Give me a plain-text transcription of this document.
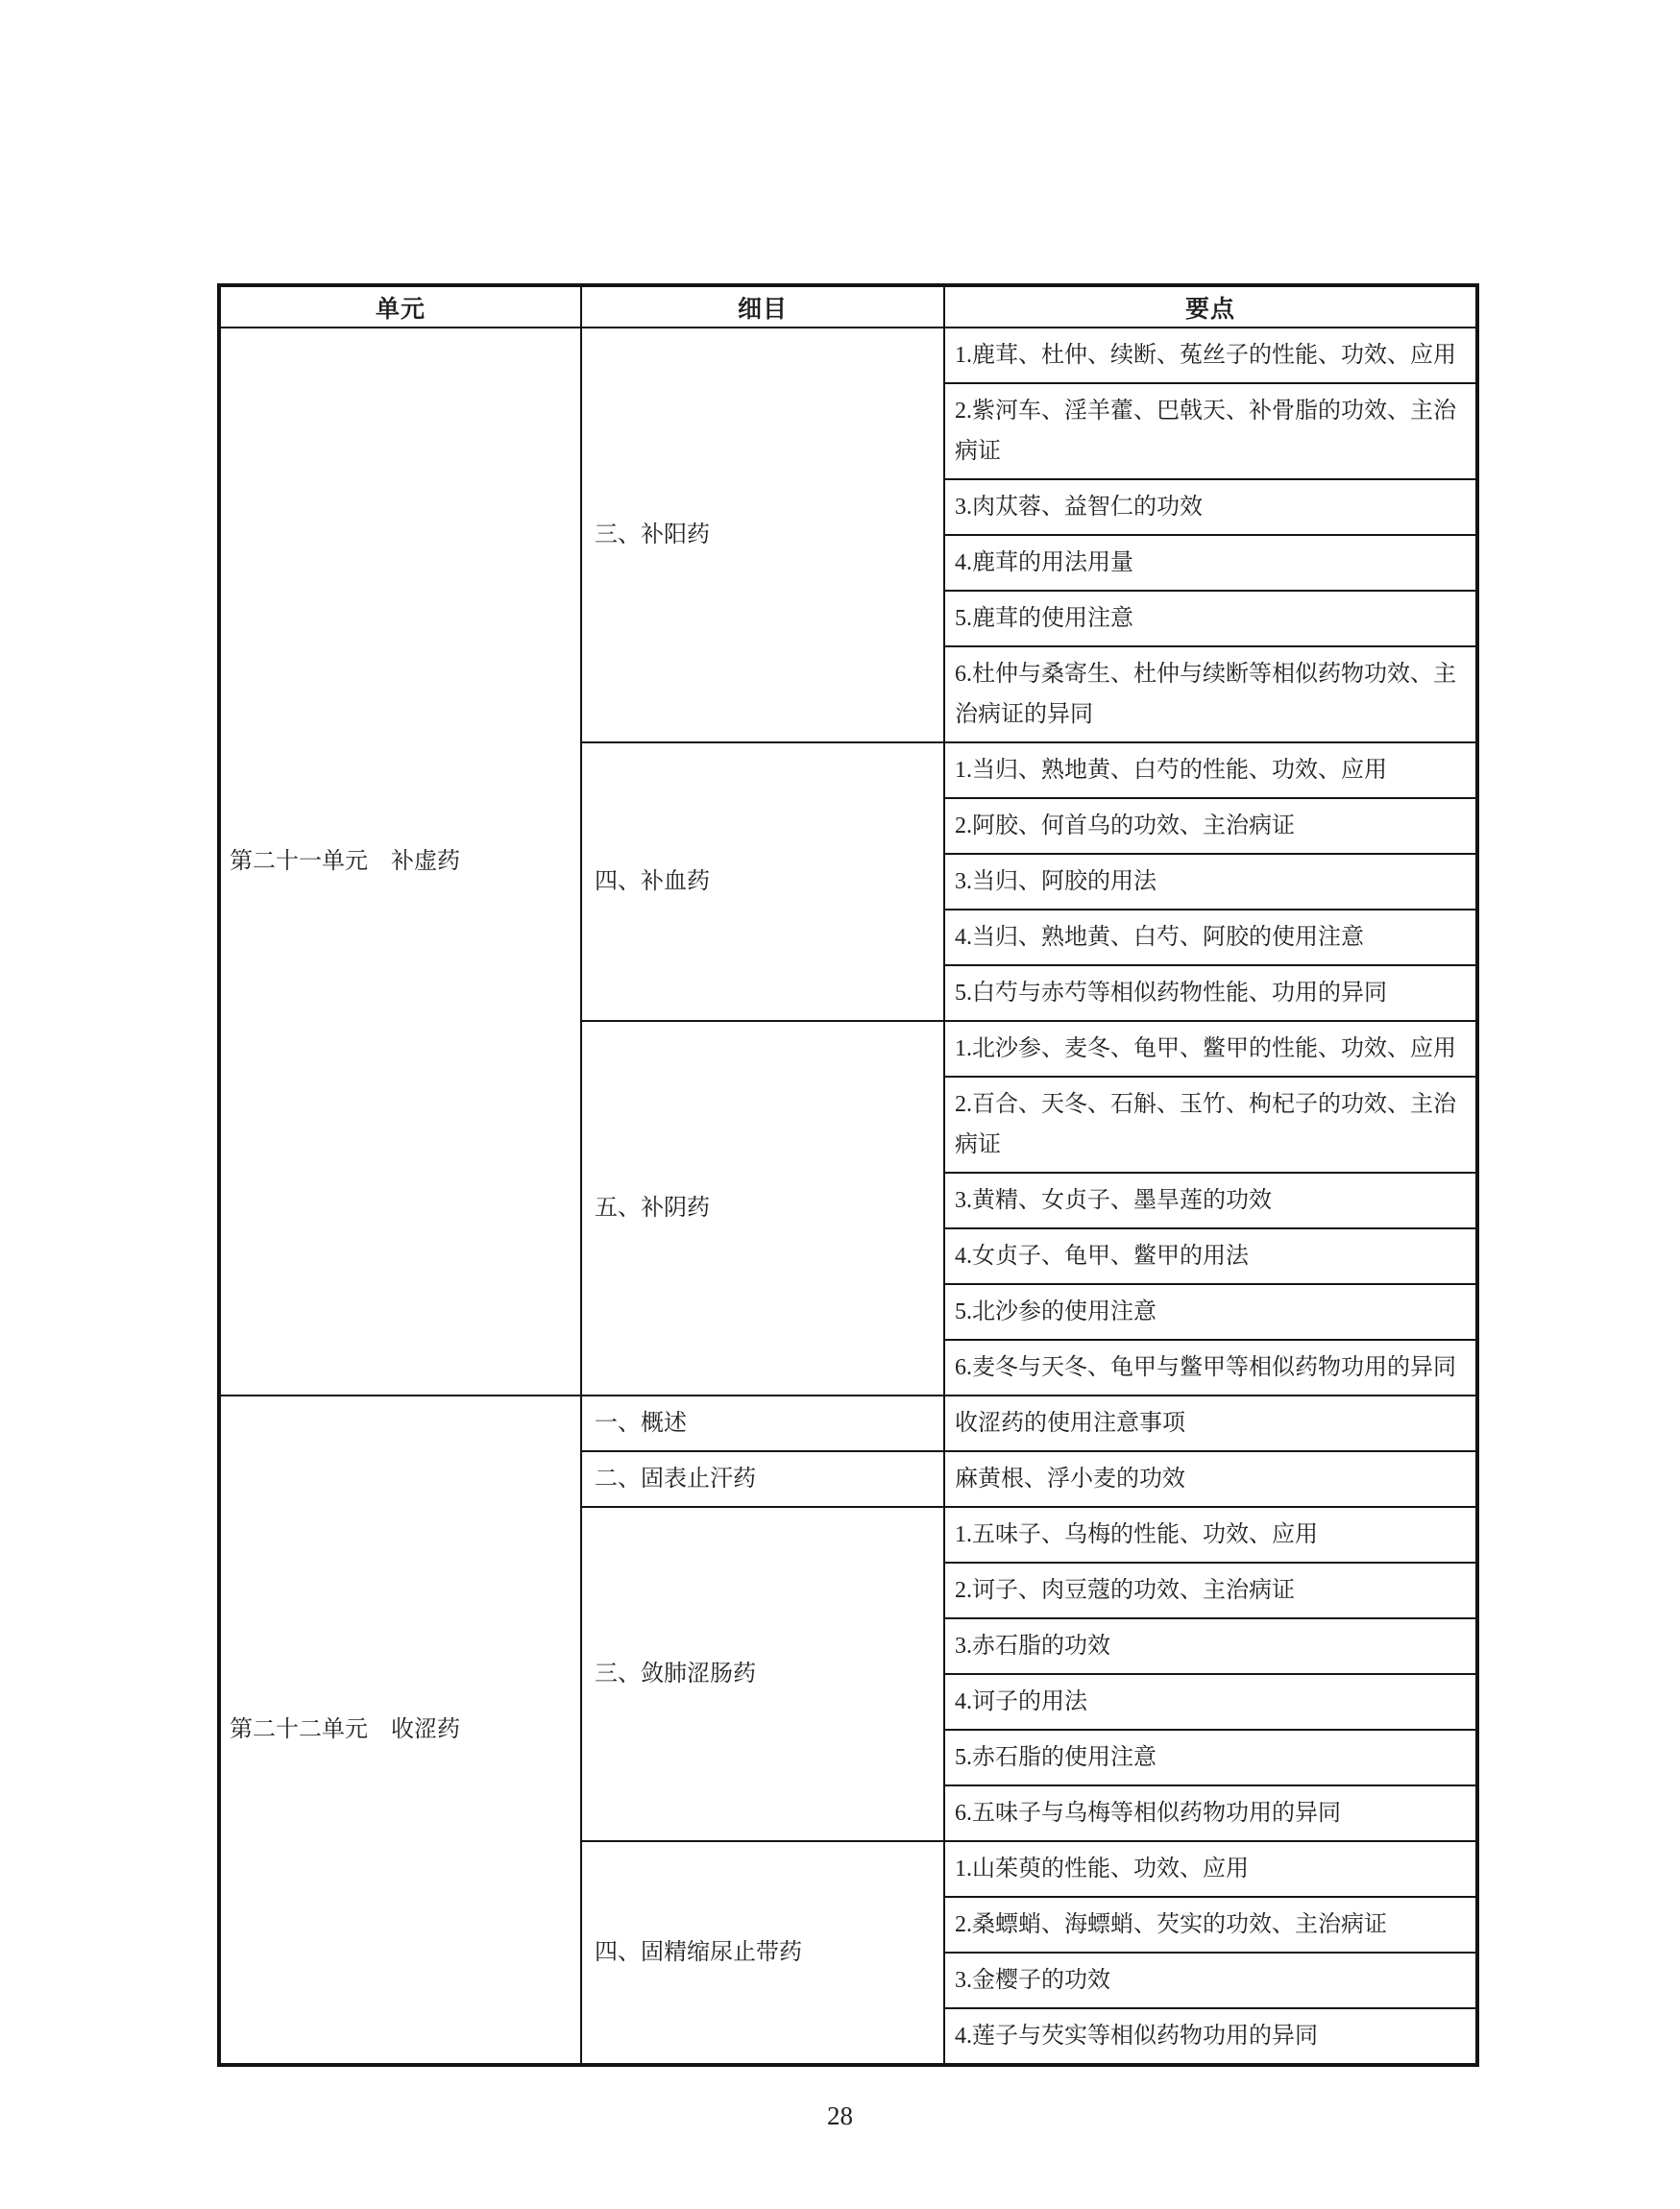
单元	细目	要点
第二十一单元　补虚药	三、补阳药	1.鹿茸、杜仲、续断、菟丝子的性能、功效、应用
		2.紫河车、淫羊藿、巴戟天、补骨脂的功效、主治病证
		3.肉苁蓉、益智仁的功效
		4.鹿茸的用法用量
		5.鹿茸的使用注意
		6.杜仲与桑寄生、杜仲与续断等相似药物功效、主治病证的异同
	四、补血药	1.当归、熟地黄、白芍的性能、功效、应用
		2.阿胶、何首乌的功效、主治病证
		3.当归、阿胶的用法
		4.当归、熟地黄、白芍、阿胶的使用注意
		5.白芍与赤芍等相似药物性能、功用的异同
	五、补阴药	1.北沙参、麦冬、龟甲、鳖甲的性能、功效、应用
		2.百合、天冬、石斛、玉竹、枸杞子的功效、主治病证
		3.黄精、女贞子、墨旱莲的功效
		4.女贞子、龟甲、鳖甲的用法
		5.北沙参的使用注意
		6.麦冬与天冬、龟甲与鳖甲等相似药物功用的异同
第二十二单元　收涩药	一、概述	收涩药的使用注意事项
	二、固表止汗药	麻黄根、浮小麦的功效
	三、敛肺涩肠药	1.五味子、乌梅的性能、功效、应用
		2.诃子、肉豆蔻的功效、主治病证
		3.赤石脂的功效
		4.诃子的用法
		5.赤石脂的使用注意
		6.五味子与乌梅等相似药物功用的异同
	四、固精缩尿止带药	1.山茱萸的性能、功效、应用
		2.桑螵蛸、海螵蛸、芡实的功效、主治病证
		3.金樱子的功效
		4.莲子与芡实等相似药物功用的异同
28
